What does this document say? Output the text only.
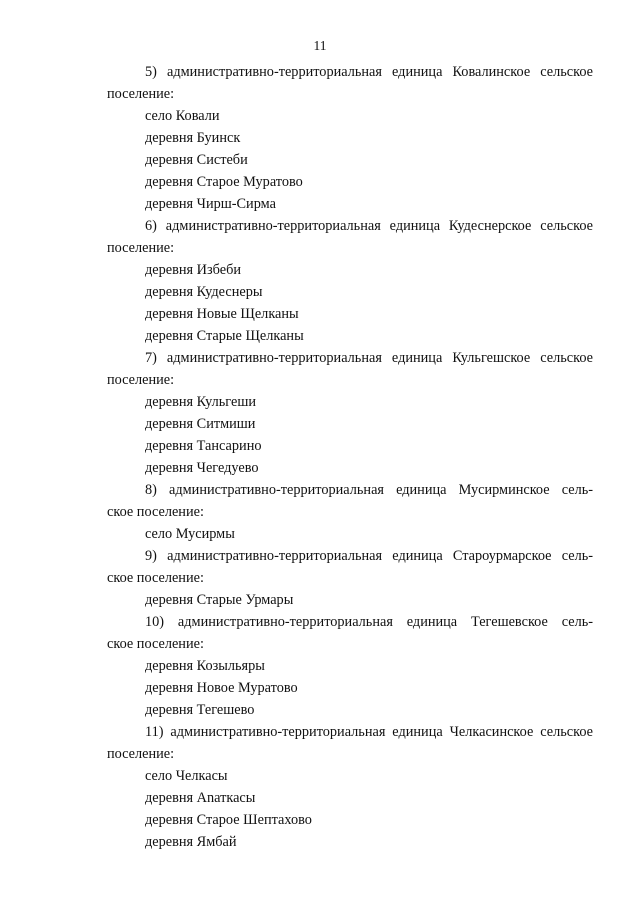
11
5) административно-территориальная единица Ковалинское сельское
поселение:
село Ковали
деревня Буинск
деревня Систеби
деревня Старое Муратово
деревня Чирш-Сирма
6) административно-территориальная единица Кудеснерское сельское
поселение:
деревня Избеби
деревня Кудеснеры
деревня Новые Щелканы
деревня Старые Щелканы
7) административно-территориальная единица Кульгешское сельское
поселение:
деревня Кульгеши
деревня Ситмиши
деревня Тансарино
деревня Чегедуево
8) административно-территориальная единица Мусирминское сель-
ское поселение:
село Мусирмы
9) административно-территориальная единица Староурмарское сель-
ское поселение:
деревня Старые Урмары
10) административно-территориальная единица Тегешевское сель-
ское поселение:
деревня Козыльяры
деревня Новое Муратово
деревня Тегешево
11) административно-территориальная единица Челкасинское сельское
поселение:
село Челкасы
деревня Аnаткасы
деревня Старое Шептахово
деревня Ямбай
